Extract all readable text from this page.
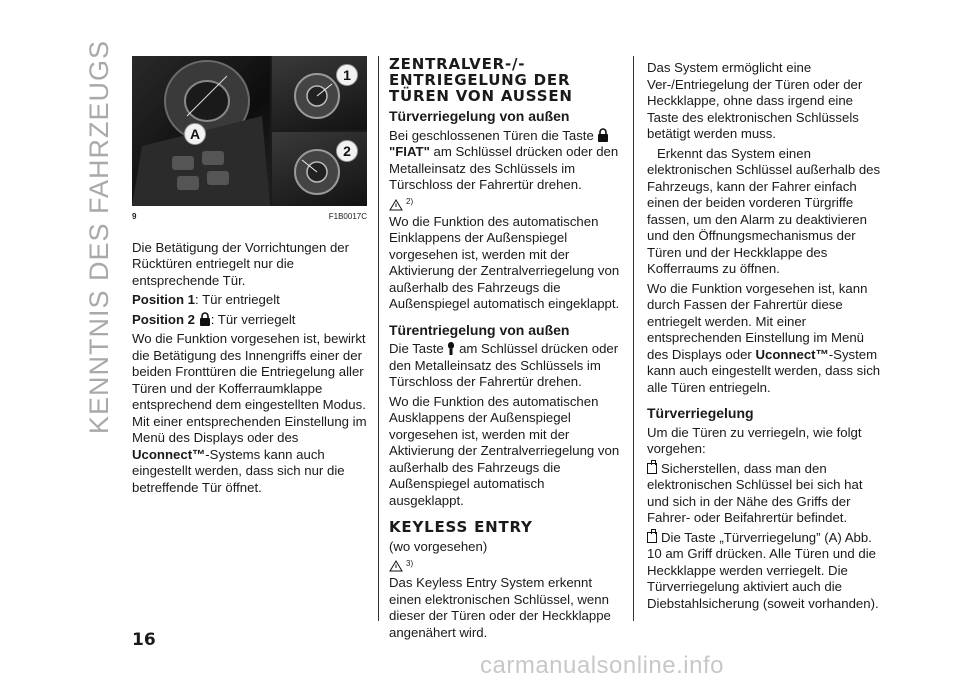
KENNTNIS DES FAHRZEUGS	A
1
2
9	F1B0017C

Die Betätigung der Vorrichtungen der Rücktüren entriegelt nur die entsprechende Tür.

Position 1: Tür entriegelt

Position 2 : Tür verriegelt

Wo die Funktion vorgesehen ist, bewirkt die Betätigung des Innengriffs einer der beiden Fronttüren die Entriegelung aller Türen und der Kofferraumklappe entsprechend dem eingestellten Modus. Mit einer entsprechenden Einstellung im Menü des Displays oder des Uconnect™-Systems kann auch eingestellt werden, dass sich nur die betreffende Tür öffnet.

ZENTRALVER-/-ENTRIEGELUNG DER TÜREN VON AUSSEN
Türverriegelung von außen

Bei geschlossenen Türen die Taste  "FIAT" am Schlüssel drücken oder den Metalleinsatz des Schlüssels im Türschloss der Fahrertür drehen.

2)

Wo die Funktion des automatischen Einklappens der Außenspiegel vorgesehen ist, werden mit der Aktivierung der Zentralverriegelung von außerhalb des Fahrzeugs die Außenspiegel automatisch eingeklappt.

Türentriegelung von außen

Die Taste  am Schlüssel drücken oder den Metalleinsatz des Schlüssels im Türschloss der Fahrertür drehen.

Wo die Funktion des automatischen Ausklappens der Außenspiegel vorgesehen ist, werden mit der Aktivierung der Zentralverriegelung von außerhalb des Fahrzeugs die Außenspiegel automatisch ausgeklappt.

KEYLESS ENTRY

(wo vorgesehen)

3)

Das Keyless Entry System erkennt einen elektronischen Schlüssel, wenn dieser der Türen oder der Heckklappe angenähert wird.

Das System ermöglicht eine Ver-/Entriegelung der Türen oder der Heckklappe, ohne dass irgend eine Taste des elektronischen Schlüssels betätigt werden muss.

Erkennt das System einen elektronischen Schlüssel außerhalb des Fahrzeugs, kann der Fahrer einfach einen der beiden vorderen Türgriffe fassen, um den Alarm zu deaktivieren und den Öffnungsmechanismus der Türen und der Heckklappe des Kofferraums zu öffnen.

Wo die Funktion vorgesehen ist, kann durch Fassen der Fahrertür diese entriegelt werden. Mit einer entsprechenden Einstellung im Menü des Displays oder Uconnect™-System kann auch eingestellt werden, dass sich alle Türen entriegeln.

Türverriegelung

Um die Türen zu verriegeln, wie folgt vorgehen:

Sicherstellen, dass man den elektronischen Schlüssel bei sich hat und sich in der Nähe des Griffs der Fahrer- oder Beifahrertür befindet.

Die Taste „Türverriegelung” (A) Abb. 10 am Griff drücken. Alle Türen und die Heckklappe werden verriegelt. Die Türverriegelung aktiviert auch die Diebstahlsicherung (soweit vorhanden).

16
carmanualsonline.info
